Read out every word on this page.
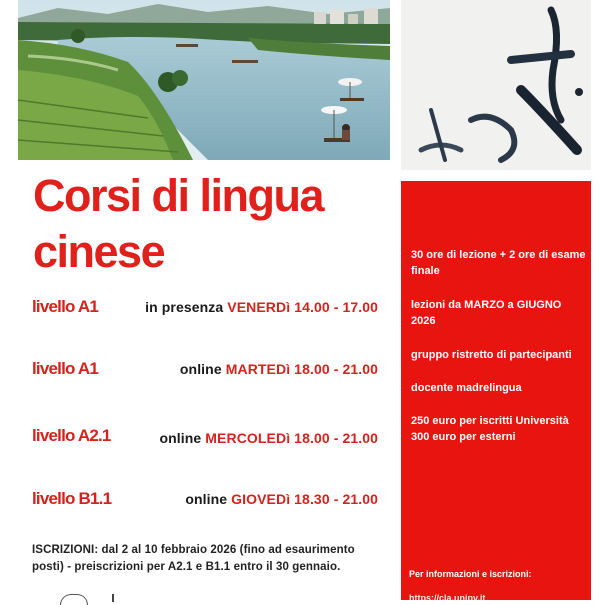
Corsi di lingua
cinese
livello A1	in presenza VENERDì 14.00 - 17.00
livello A1	online MARTEDì 18.00 - 21.00
livello A2.1	online MERCOLEDì 18.00 - 21.00
livello B1.1	online GIOVEDì 18.30 - 21.00
ISCRIZIONI: dal 2 al 10 febbraio 2026 (fino ad esaurimento posti) - preiscrizioni per A2.1 e B1.1 entro il 30 gennaio.
30 ore di lezione + 2 ore di esame finale
lezioni da MARZO a GIUGNO 2026
gruppo ristretto di partecipanti
docente madrelingua
250 euro per iscritti Università 300 euro per esterni
Per informazioni e iscrizioni:
https://cla.unipv.it
